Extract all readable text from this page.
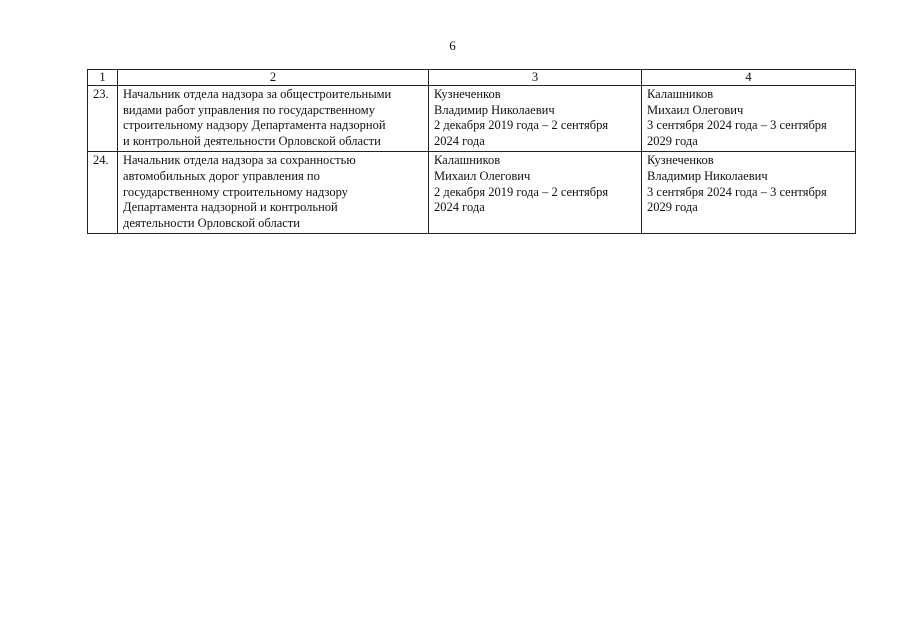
6
1	2	3	4
23.	Начальник отдела надзора за общестроительными
видами работ управления по государственному
строительному надзору Департамента надзорной
и контрольной деятельности Орловской области	Кузнеченков
Владимир Николаевич
2 декабря 2019 года – 2 сентября
2024 года	Калашников
Михаил Олегович
3 сентября 2024 года – 3 сентября
2029 года

24.	Начальник отдела надзора за сохранностью
автомобильных дорог управления по
государственному строительному надзору
Департамента надзорной и контрольной
деятельности Орловской области	Калашников
Михаил Олегович
2 декабря 2019 года – 2 сентября
2024 года	Кузнеченков
Владимир Николаевич
3 сентября 2024 года – 3 сентября
2029 года
